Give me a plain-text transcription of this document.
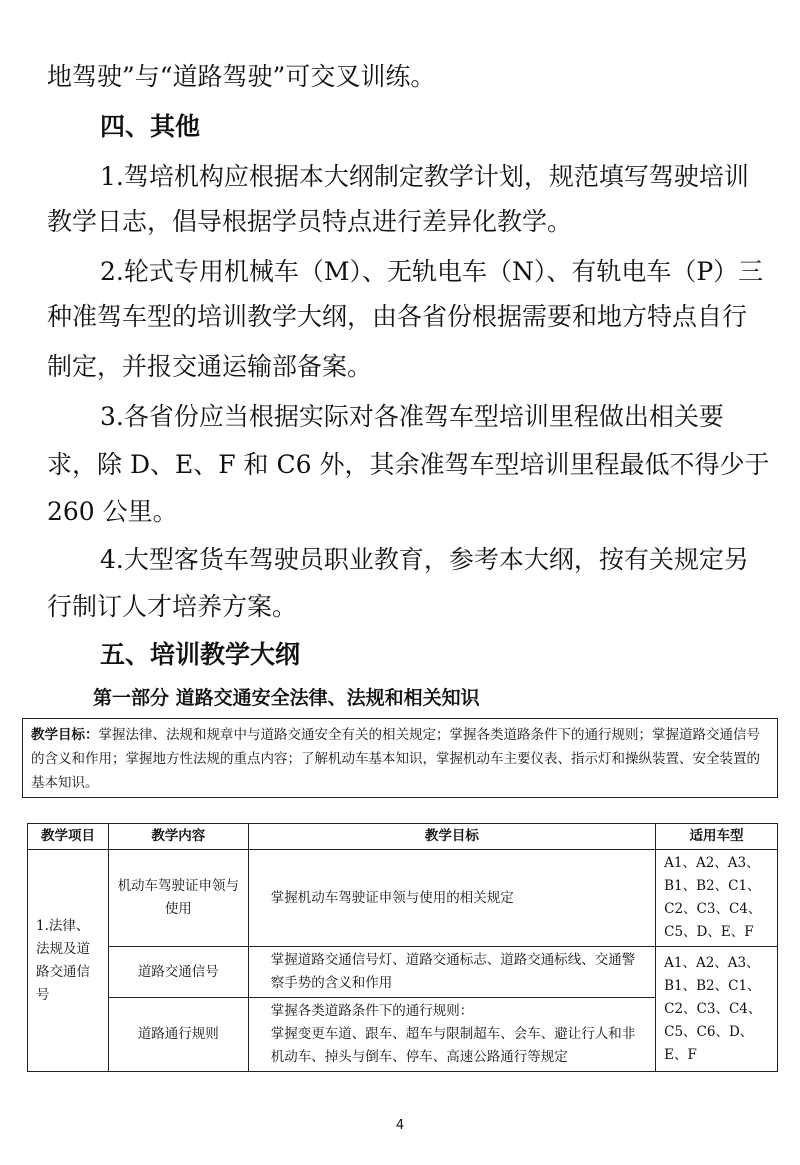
地驾驶”与“道路驾驶”可交叉训练。
四、其他
1.驾培机构应根据本大纲制定教学计划，规范填写驾驶培训
教学日志，倡导根据学员特点进行差异化教学。
2.轮式专用机械车（M）、无轨电车（N）、有轨电车（P）三
种准驾车型的培训教学大纲，由各省份根据需要和地方特点自行
制定，并报交通运输部备案。
3.各省份应当根据实际对各准驾车型培训里程做出相关要
求，除 D、E、F 和 C6 外，其余准驾车型培训里程最低不得少于
260 公里。
4.大型客货车驾驶员职业教育，参考本大纲，按有关规定另
行制订人才培养方案。
五、培训教学大纲
第一部分 道路交通安全法律、法规和相关知识
教学目标：掌握法律、法规和规章中与道路交通安全有关的相关规定；掌握各类道路条件下的通行规则；掌握道路交通信号的含义和作用；掌握地方性法规的重点内容；了解机动车基本知识，掌握机动车主要仪表、指示灯和操纵装置、安全装置的基本知识。
教学项目	教学内容	教学目标	适用车型
1.法律、法规及道路交通信号	机动车驾驶证申领与使用	掌握机动车驾驶证申领与使用的相关规定	A1、A2、A3、B1、B2、C1、C2、C3、C4、C5、D、E、F
	道路交通信号	掌握道路交通信号灯、道路交通标志、道路交通标线、交通警察手势的含义和作用	A1、A2、A3、B1、B2、C1、C2、C3、C4、C5、C6、D、E、F
	道路通行规则	掌握各类道路条件下的通行规则：
掌握变更车道、跟车、超车与限制超车、会车、避让行人和非机动车、掉头与倒车、停车、高速公路通行等规定	
4
